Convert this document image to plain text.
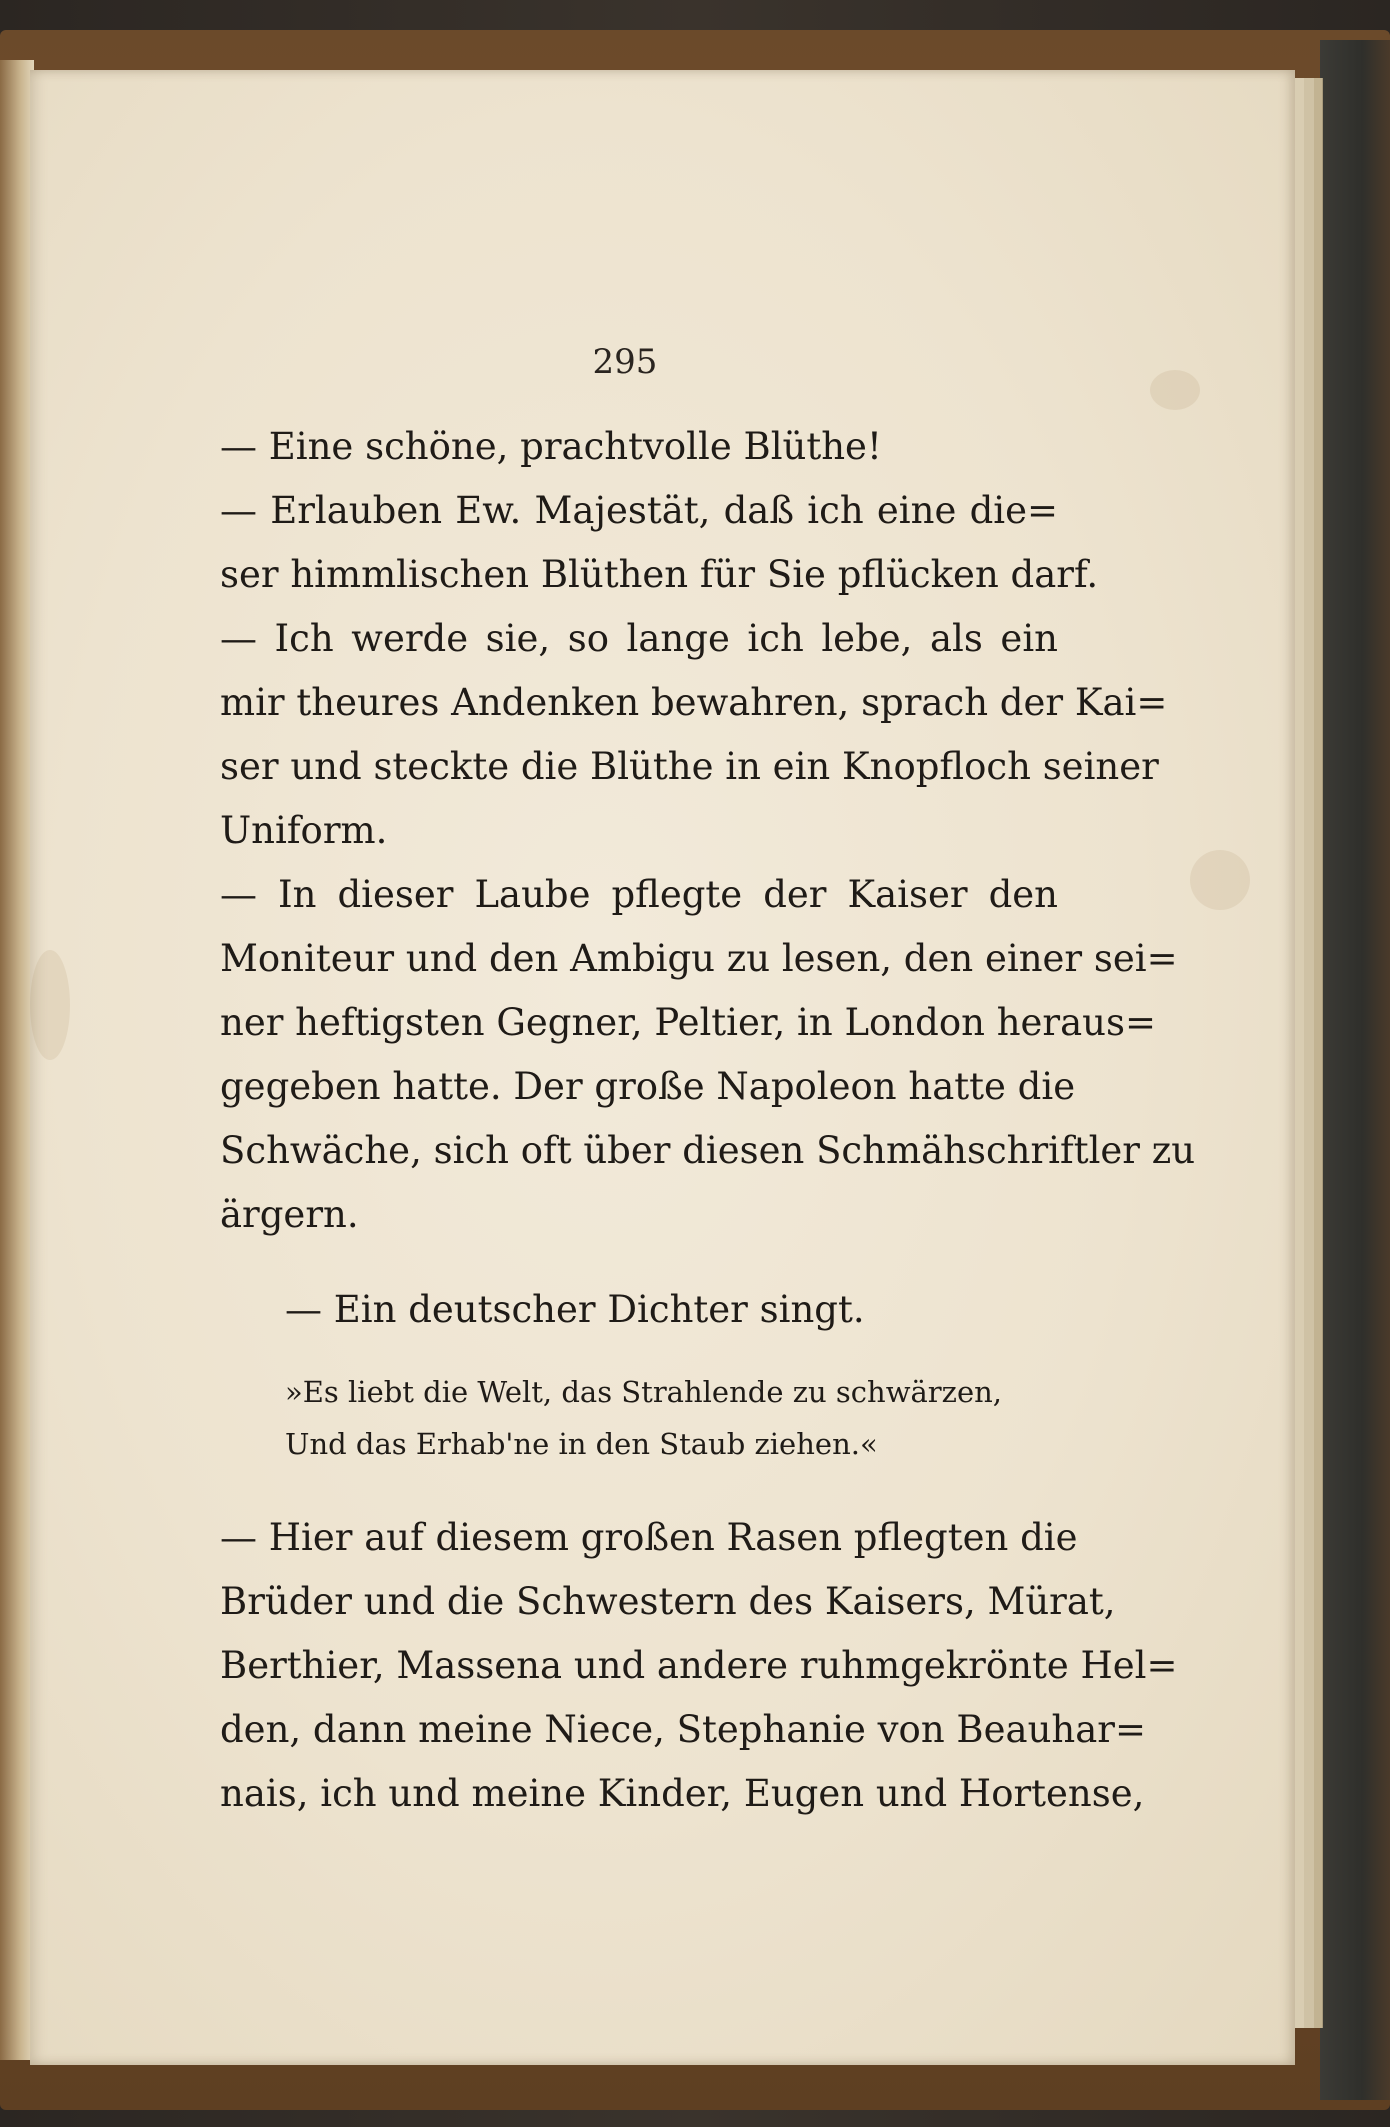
295
— Eine schöne, prachtvolle Blüthe!
— Erlauben Ew. Majestät, daß ich eine die=
ser himmlischen Blüthen für Sie pflücken darf.
— Ich werde sie, so lange ich lebe, als ein
mir theures Andenken bewahren, sprach der Kai=
ser und steckte die Blüthe in ein Knopfloch seiner
Uniform.
— In dieser Laube pflegte der Kaiser den
Moniteur und den Ambigu zu lesen, den einer sei=
ner heftigsten Gegner, Peltier, in London heraus=
gegeben hatte. Der große Napoleon hatte die
Schwäche, sich oft über diesen Schmähschriftler zu
ärgern.
— Ein deutscher Dichter singt.
»Es liebt die Welt, das Strahlende zu schwärzen,
Und das Erhab'ne in den Staub ziehen.«
— Hier auf diesem großen Rasen pflegten die
Brüder und die Schwestern des Kaisers, Mürat,
Berthier, Massena und andere ruhmgekrönte Hel=
den, dann meine Niece, Stephanie von Beauhar=
nais, ich und meine Kinder, Eugen und Hortense,
